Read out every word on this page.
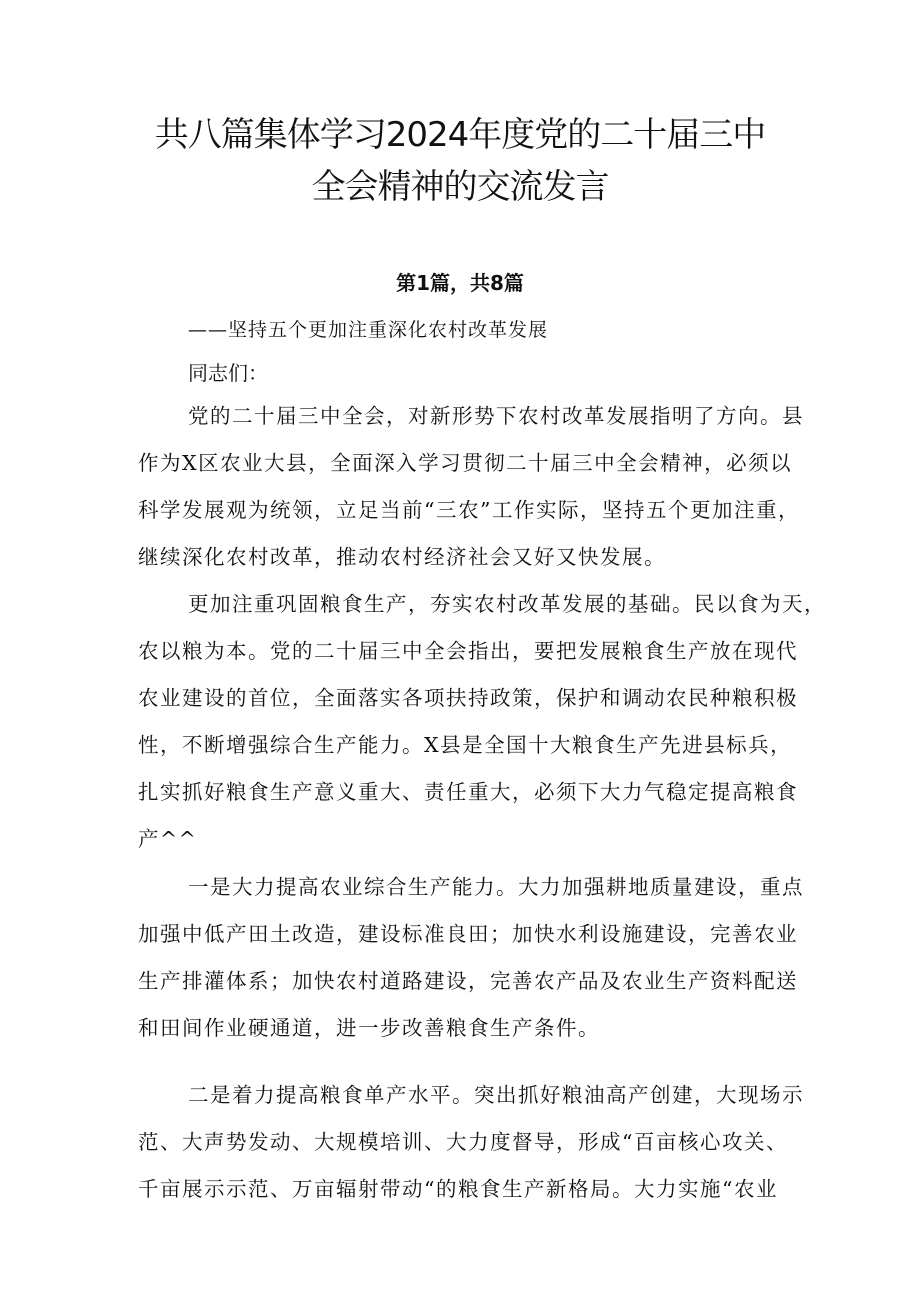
共八篇集体学习2024年度党的二十届三中
全会精神的交流发言
第1篇，共8篇
——坚持五个更加注重深化农村改革发展
同志们：
党的二十届三中全会，对新形势下农村改革发展指明了方向。县
作为X区农业大县，全面深入学习贯彻二十届三中全会精神，必须以
科学发展观为统领，立足当前“三农”工作实际，坚持五个更加注重，
继续深化农村改革，推动农村经济社会又好又快发展。
更加注重巩固粮食生产，夯实农村改革发展的基础。民以食为天，
农以粮为本。党的二十届三中全会指出，要把发展粮食生产放在现代
农业建设的首位，全面落实各项扶持政策，保护和调动农民种粮积极
性，不断增强综合生产能力。X县是全国十大粮食生产先进县标兵，
扎实抓好粮食生产意义重大、责任重大，必须下大力气稳定提高粮食
产^^
一是大力提高农业综合生产能力。大力加强耕地质量建设，重点
加强中低产田土改造，建设标准良田；加快水利设施建设，完善农业
生产排灌体系；加快农村道路建设，完善农产品及农业生产资料配送
和田间作业硬通道，进一步改善粮食生产条件。
二是着力提高粮食单产水平。突出抓好粮油高产创建，大现场示
范、大声势发动、大规模培训、大力度督导，形成“百亩核心攻关、
千亩展示示范、万亩辐射带动“的粮食生产新格局。大力实施“农业
